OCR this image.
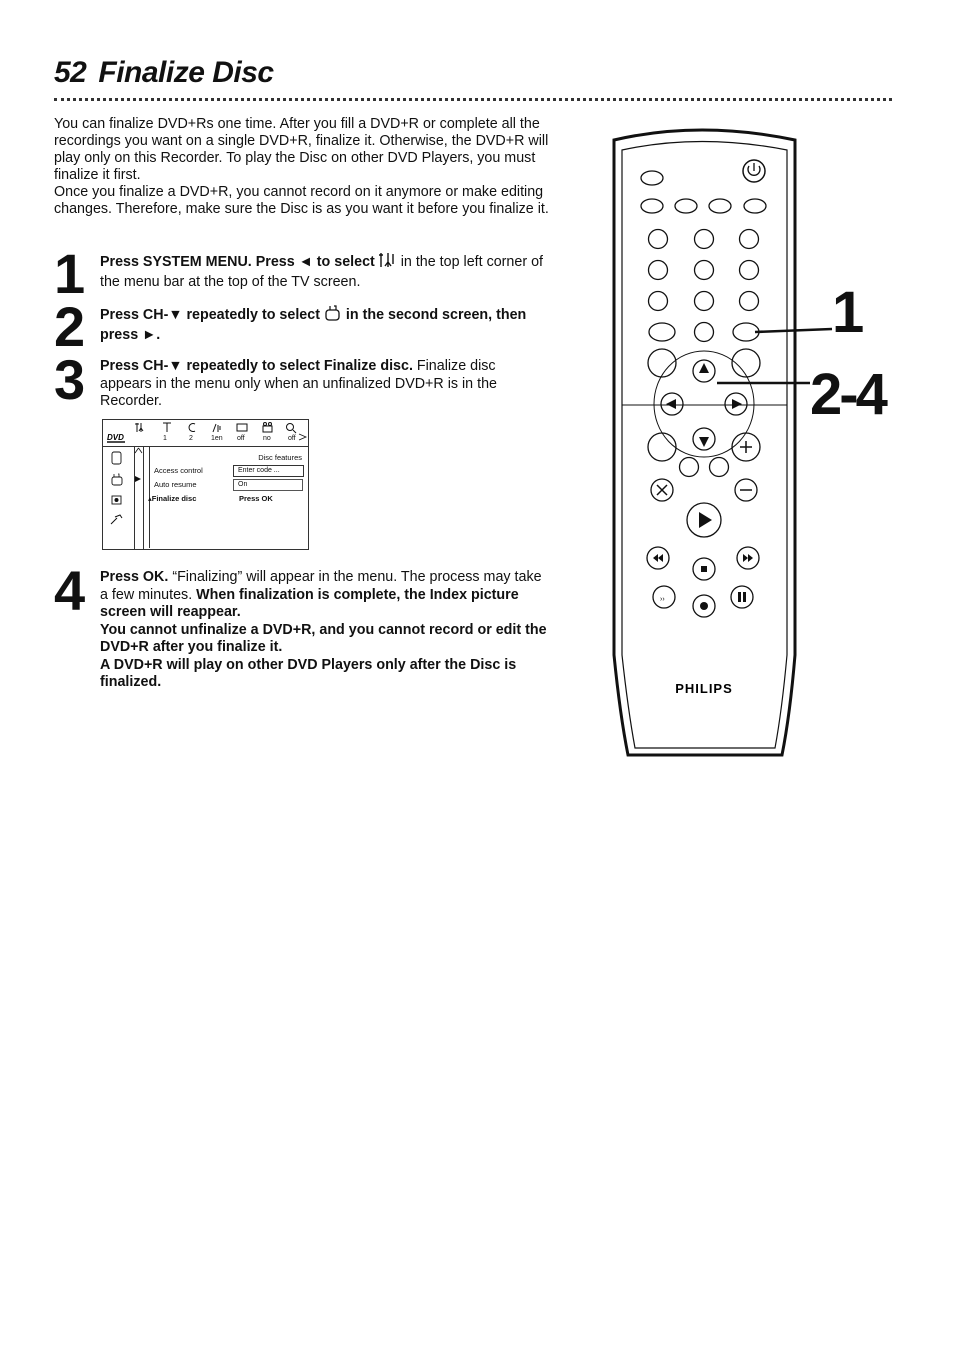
52 Finalize Disc

You can finalize DVD+Rs one time. After you fill a DVD+R or complete all the recordings you want on a single DVD+R, finalize it. Otherwise, the DVD+R will play only on this Recorder. To play the Disc on other DVD Players, you must finalize it first.

Once you finalize a DVD+R, you cannot record on it anymore or make editing changes. Therefore, make sure the Disc is as you want it before you finalize it.

1 Press SYSTEM MENU. Press ◄ to select  in the top left corner of the menu bar at the top of the TV screen.
2 Press CH-▼ repeatedly to select  in the second screen, then press ►.
3 Press CH-▼ repeatedly to select Finalize disc. Finalize disc appears in the menu only when an unfinalized DVD+R is in the Recorder.
DVD	1	2	1en off	no off
Disc features
Access control	Enter code ...
Auto resume	On
▴Finalize disc	Press OK
4 Press OK. “Finalizing” will appear in the menu. The process may take a few minutes. When finalization is complete, the Index picture screen will reappear.
You cannot unfinalize a DVD+R, and you cannot record or edit the DVD+R after you finalize it.
A DVD+R will play on other DVD Players only after the Disc is finalized.
››
PHILIPS
1
2-4
